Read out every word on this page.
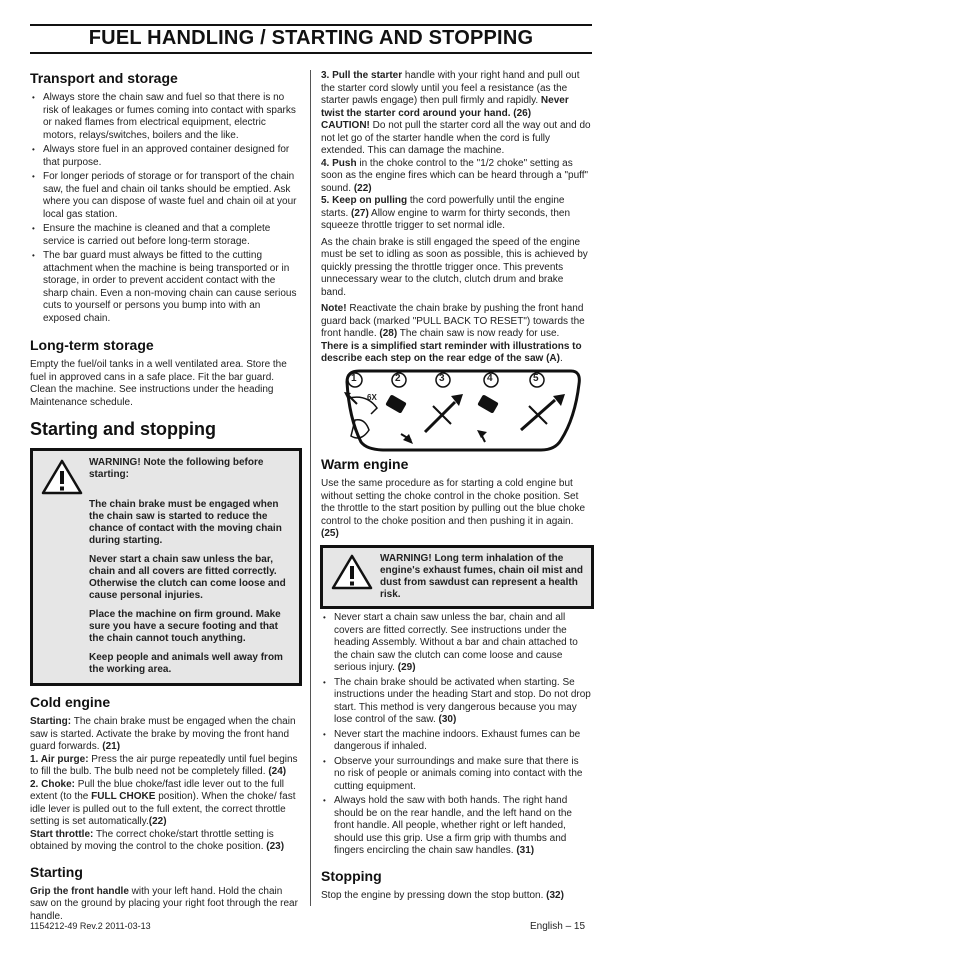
FUEL HANDLING / STARTING AND STOPPING
Transport and storage
• Always store the chain saw and fuel so that there is no risk of leakages or fumes coming into contact with sparks or naked flames from electrical equipment, electric motors, relays/switches, boilers and the like.
• Always store fuel in an approved container designed for that purpose.
• For longer periods of storage or for transport of the chain saw, the fuel and chain oil tanks should be emptied. Ask where you can dispose of waste fuel and chain oil at your local gas station.
• Ensure the machine is cleaned and that a complete service is carried out before long-term storage.
• The bar guard must always be fitted to the cutting attachment when the machine is being transported or in storage, in order to prevent accident contact with the sharp chain. Even a non-moving chain can cause serious cuts to yourself or persons you bump into with an exposed chain.
Long-term storage

Empty the fuel/oil tanks in a well ventilated area. Store the fuel in approved cans in a safe place. Fit the bar guard. Clean the machine. See instructions under the heading Maintenance schedule.

Starting and stopping

WARNING! Note the following before starting:

The chain brake must be engaged when the chain saw is started to reduce the chance of contact with the moving chain during starting.

Never start a chain saw unless the bar, chain and all covers are fitted correctly. Otherwise the clutch can come loose and cause personal injuries.

Place the machine on firm ground. Make sure you have a secure footing and that the chain cannot touch anything.

Keep people and animals well away from the working area.

Cold engine

Starting: The chain brake must be engaged when the chain saw is started. Activate the brake by moving the front hand guard forwards. (21)

1. Air purge: Press the air purge repeatedly until fuel begins to fill the bulb. The bulb need not be completely filled. (24)

2. Choke: Pull the blue choke/fast idle lever out to the full extent (to the FULL CHOKE position). When the choke/ fast idle lever is pulled out to the full extent, the correct throttle setting is set automatically.(22)

Start throttle: The correct choke/start throttle setting is obtained by moving the control to the choke position. (23)

Starting

Grip the front handle with your left hand. Hold the chain saw on the ground by placing your right foot through the rear handle.

3. Pull the starter handle with your right hand and pull out the starter cord slowly until you feel a resistance (as the starter pawls engage) then pull firmly and rapidly. Never twist the starter cord around your hand. (26)

CAUTION! Do not pull the starter cord all the way out and do not let go of the starter handle when the cord is fully extended. This can damage the machine.

4. Push in the choke control to the "1/2 choke" setting as soon as the engine fires which can be heard through a "puff" sound. (22)

5. Keep on pulling the cord powerfully until the engine starts. (27) Allow engine to warm for thirty seconds, then squeeze throttle trigger to set normal idle.

As the chain brake is still engaged the speed of the engine must be set to idling as soon as possible, this is achieved by quickly pressing the throttle trigger once. This prevents unnecessary wear to the clutch, clutch drum and brake band.

Note! Reactivate the chain brake by pushing the front hand guard back (marked "PULL BACK TO RESET") towards the front handle. (28) The chain saw is now ready for use.

There is a simplified start reminder with illustrations to describe each step on the rear edge of the saw (A).

1	2	3	4	5
6X
Warm engine

Use the same procedure as for starting a cold engine but without setting the choke control in the choke position. Set the throttle to the start position by pulling out the blue choke control to the choke position and then pushing it in again. (25)

WARNING! Long term inhalation of the engine's exhaust fumes, chain oil mist and dust from sawdust can represent a health risk.

• Never start a chain saw unless the bar, chain and all covers are fitted correctly. See instructions under the heading Assembly. Without a bar and chain attached to the chain saw the clutch can come loose and cause serious injury. (29)
• The chain brake should be activated when starting. Se instructions under the heading Start and stop. Do not drop start. This method is very dangerous because you may lose control of the saw. (30)
• Never start the machine indoors. Exhaust fumes can be dangerous if inhaled.
• Observe your surroundings and make sure that there is no risk of people or animals coming into contact with the cutting equipment.
• Always hold the saw with both hands. The right hand should be on the rear handle, and the left hand on the front handle. All people, whether right or left handed, should use this grip. Use a firm grip with thumbs and fingers encircling the chain saw handles. (31)
Stopping

Stop the engine by pressing down the stop button. (32)

1154212-49 Rev.2 2011-03-13	English – 15
